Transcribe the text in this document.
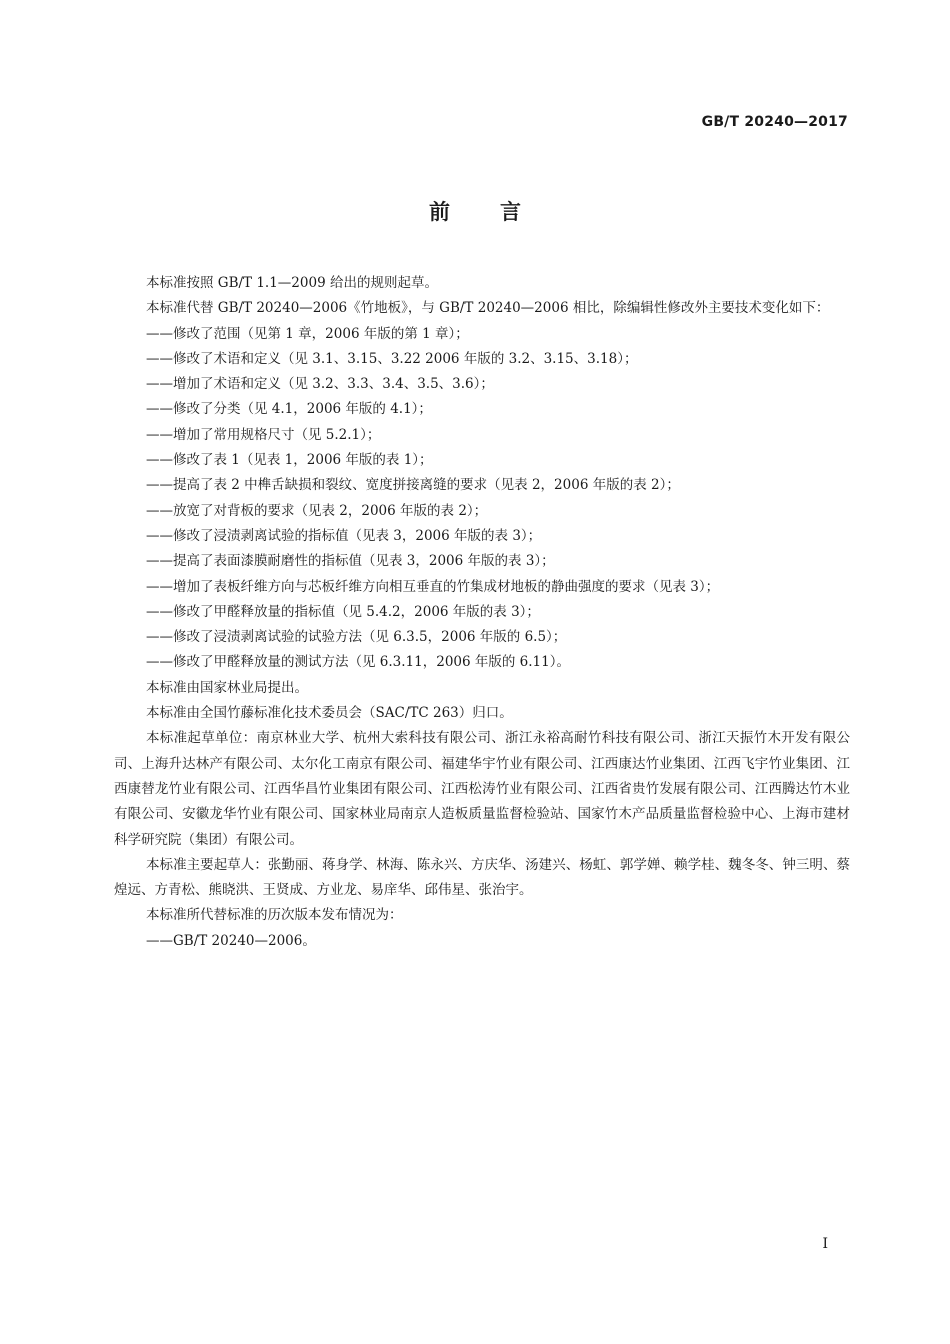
GB/T 20240—2017
前言

本标准按照 GB/T 1.1—2009 给出的规则起草。

本标准代替 GB/T 20240—2006《竹地板》，与 GB/T 20240—2006 相比，除编辑性修改外主要技术变化如下：

——修改了范围（见第 1 章，2006 年版的第 1 章）；

——修改了术语和定义（见 3.1、3.15、3.22 2006 年版的 3.2、3.15、3.18）；

——增加了术语和定义（见 3.2、3.3、3.4、3.5、3.6）；

——修改了分类（见 4.1，2006 年版的 4.1）；

——增加了常用规格尺寸（见 5.2.1）；

——修改了表 1（见表 1，2006 年版的表 1）；

——提高了表 2 中榫舌缺损和裂纹、宽度拼接离缝的要求（见表 2，2006 年版的表 2）；

——放宽了对背板的要求（见表 2，2006 年版的表 2）；

——修改了浸渍剥离试验的指标值（见表 3，2006 年版的表 3）；

——提高了表面漆膜耐磨性的指标值（见表 3，2006 年版的表 3）；

——增加了表板纤维方向与芯板纤维方向相互垂直的竹集成材地板的静曲强度的要求（见表 3）；

——修改了甲醛释放量的指标值（见 5.4.2，2006 年版的表 3）；

——修改了浸渍剥离试验的试验方法（见 6.3.5，2006 年版的 6.5）；

——修改了甲醛释放量的测试方法（见 6.3.11，2006 年版的 6.11）。

本标准由国家林业局提出。

本标准由全国竹藤标准化技术委员会（SAC/TC 263）归口。

本标准起草单位：南京林业大学、杭州大索科技有限公司、浙江永裕高耐竹科技有限公司、浙江天振竹木开发有限公司、上海升达林产有限公司、太尔化工南京有限公司、福建华宇竹业有限公司、江西康达竹业集团、江西飞宇竹业集团、江西康替龙竹业有限公司、江西华昌竹业集团有限公司、江西松涛竹业有限公司、江西省贵竹发展有限公司、江西腾达竹木业有限公司、安徽龙华竹业有限公司、国家林业局南京人造板质量监督检验站、国家竹木产品质量监督检验中心、上海市建材科学研究院（集团）有限公司。

本标准主要起草人：张勤丽、蒋身学、林海、陈永兴、方庆华、汤建兴、杨虹、郭学婵、赖学桂、魏冬冬、钟三明、蔡煌远、方青松、熊晓洪、王贤成、方业龙、易庠华、邱伟星、张治宇。

本标准所代替标准的历次版本发布情况为：

——GB/T 20240—2006。

I
